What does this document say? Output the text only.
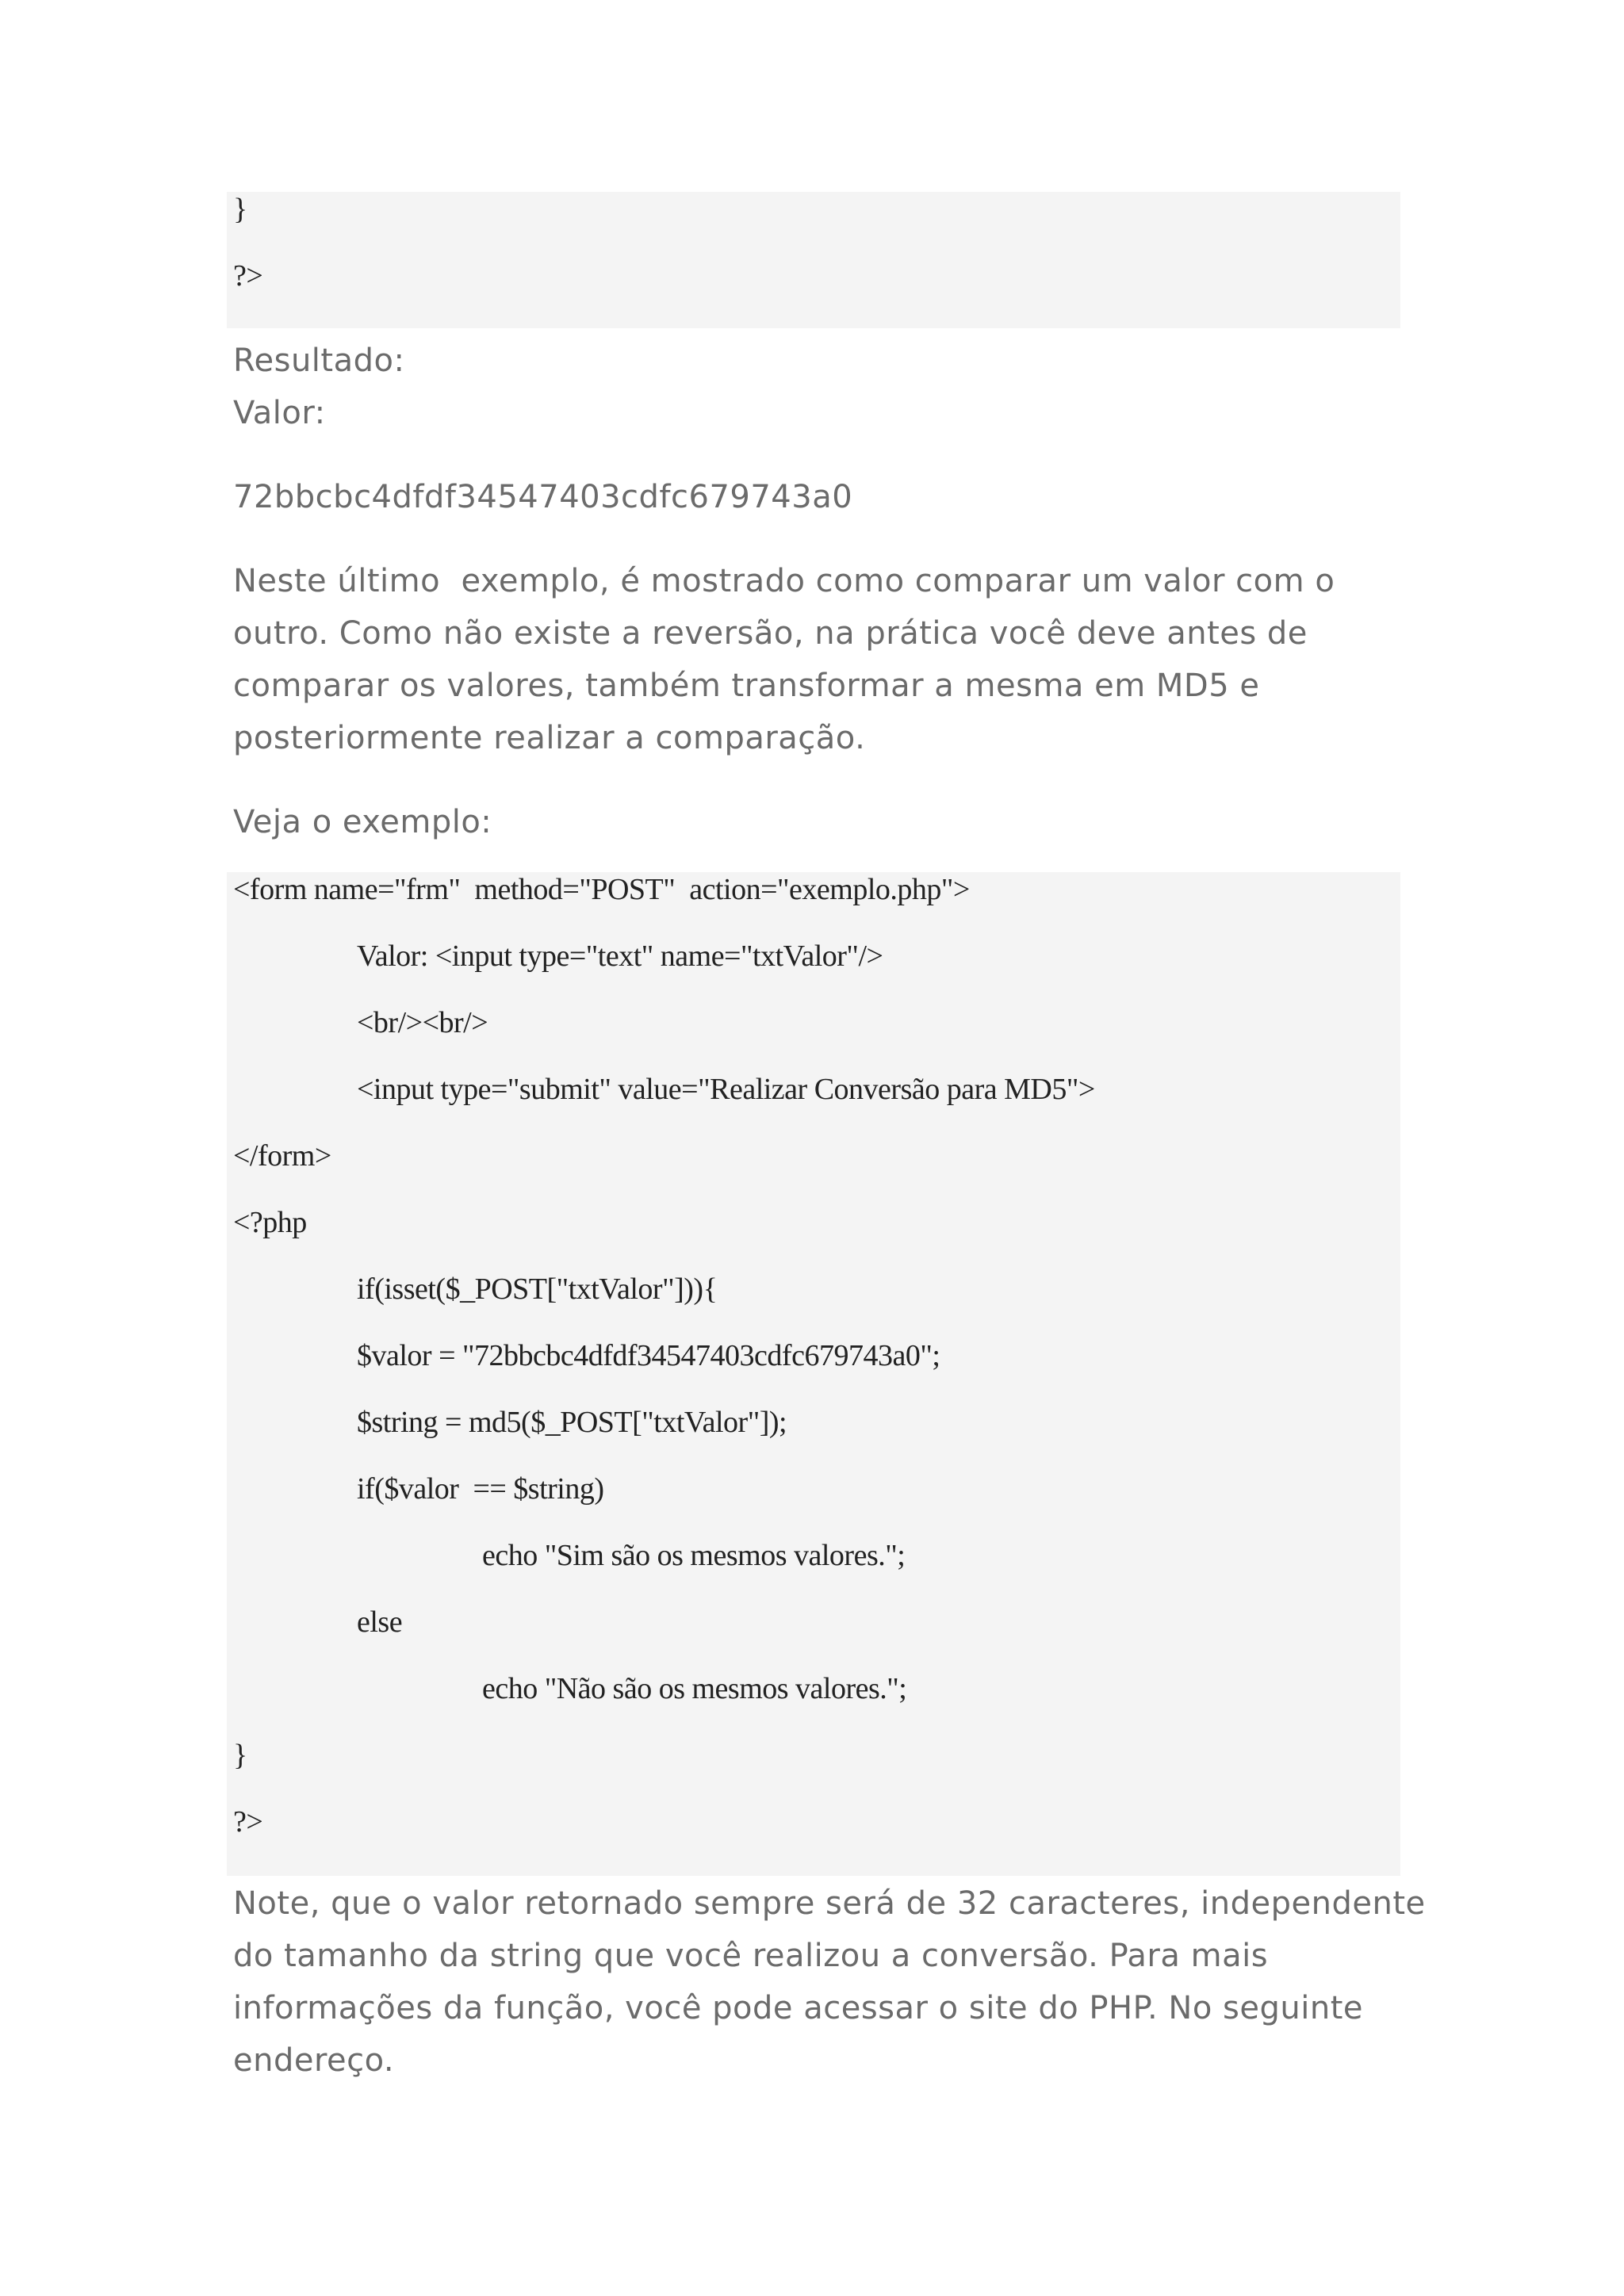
}
?>
Resultado:
Valor:
72bbcbc4dfdf34547403cdfc679743a0
Neste último  exemplo, é mostrado como comparar um valor com o
outro. Como não existe a reversão, na prática você deve antes de
comparar os valores, também transformar a mesma em MD5 e
posteriormente realizar a comparação.
Veja o exemplo:
<form name="frm"  method="POST"  action="exemplo.php">
Valor: <input type="text" name="txtValor"/>
<br/><br/>
<input type="submit" value="Realizar Conversão para MD5">
</form>
<?php
if(isset($_POST["txtValor"])){
$valor = "72bbcbc4dfdf34547403cdfc679743a0";
$string = md5($_POST["txtValor"]);
if($valor  == $string)
echo "Sim são os mesmos valores.";
else
echo "Não são os mesmos valores.";
}
?>
Note, que o valor retornado sempre será de 32 caracteres, independente
do tamanho da string que você realizou a conversão. Para mais
informações da função, você pode acessar o site do PHP. No seguinte
endereço.
